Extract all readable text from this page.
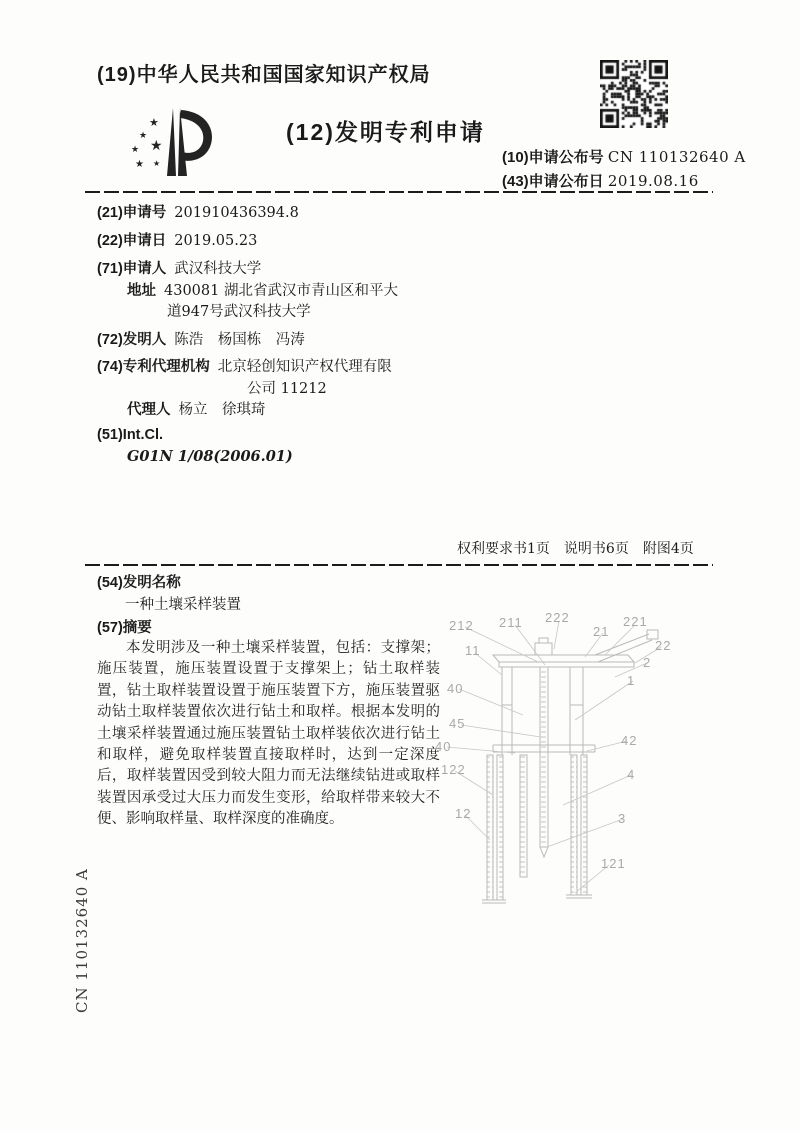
(19)中华人民共和国国家知识产权局
★
★
★
★
★ ★
(12)发明专利申请
(10)申请公布号 CN 110132640 A
(43)申请公布日 2019.08.16
(21)申请号 201910436394.8
(22)申请日 2019.05.23
(71)申请人 武汉科技大学
地址 430081 湖北省武汉市青山区和平大
道947号武汉科技大学
(72)发明人 陈浩　杨国栋　冯涛
(74)专利代理机构 北京轻创知识产权代理有限
公司 11212
代理人 杨立　徐琪琦
(51)Int.Cl.
G01N 1/08(2006.01)
权利要求书1页　说明书6页　附图4页
(54)发明名称
一种土壤采样装置
(57)摘要

本发明涉及一种土壤采样装置，包括：支撑架；施压装置，施压装置设置于支撑架上；钻土取样装置，钻土取样装置设置于施压装置下方，施压装置驱动钻土取样装置依次进行钻土和取样。根据本发明的土壤采样装置通过施压装置钻土取样装依次进行钻土和取样，避免取样装置直接取样时，达到一定深度后，取样装置因受到较大阻力而无法继续钻进或取样装置因承受过大压力而发生变形，给取样带来较大不便、影响取样量、取样深度的准确度。

212 211 222
21
221
22
2
1
11
40
45
40
122
12
42
4
3
121
CN 110132640 A
